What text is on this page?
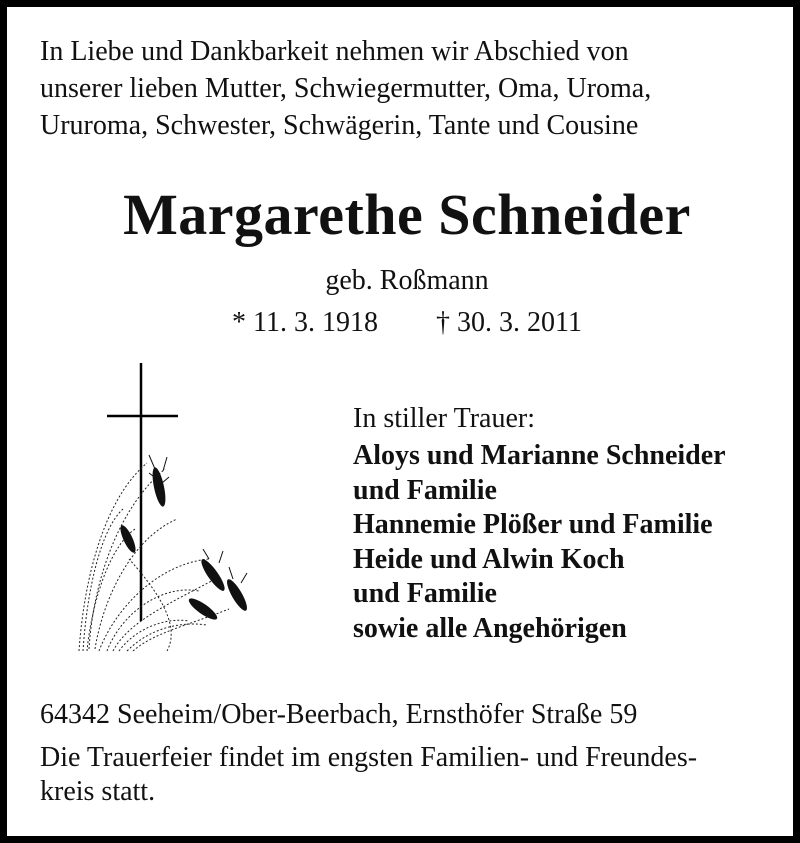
In Liebe und Dankbarkeit nehmen wir Abschied von
unserer lieben Mutter, Schwiegermutter, Oma, Uroma,
Ururoma, Schwester, Schwägerin, Tante und Cousine
Margarethe Schneider
geb. Roßmann
* 11. 3. 1918 † 30. 3. 2011
In stiller Trauer:
Aloys und Marianne Schneider
und Familie
Hannemie Plößer und Familie
Heide und Alwin Koch
und Familie
sowie alle Angehörigen
64342 Seeheim/Ober-Beerbach, Ernsthöfer Straße 59
Die Trauerfeier findet im engsten Familien- und Freundes-
kreis statt.
